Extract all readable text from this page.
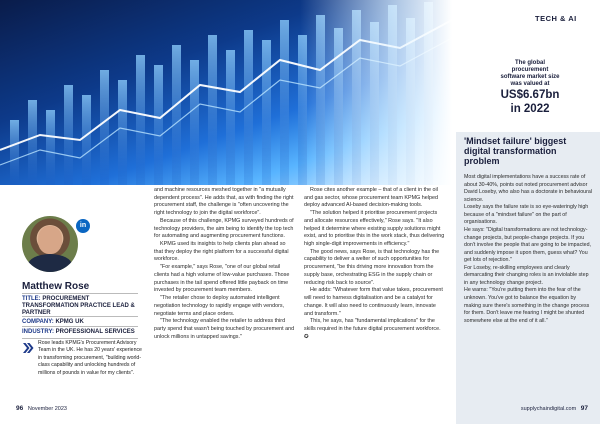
TECH & AI
The global
procurement
software market size
was valued at
US$6.67bn
in 2022
in
Matthew Rose
TITLE: PROCUREMENT TRANSFORMATION PRACTICE LEAD & PARTNER
COMPANY: KPMG UK
INDUSTRY: PROFESSIONAL SERVICES
Rose leads KPMG's Procurement Advisory Team in the UK. He has 20 years' experience in transforming procurement, "building world-class capability and unlocking hundreds of millions of pounds in value for my clients".

and machine resources meshed together in "a mutually dependent process". He adds that, as with finding the right procurement staff, the challenge is "often uncovering the right technology to join the digital workforce".

Because of this challenge, KPMG surveyed hundreds of technology providers, the aim being to identify the top tech for automating and augmenting procurement functions.

KPMG used its insights to help clients plan ahead so that they deploy the right platform for a successful digital workforce.

"For example," says Rose, "one of our global retail clients had a high volume of low-value purchases. Those purchases in the tail spend offered little payback on time invested by procurement team members.

"The retailer chose to deploy automated intelligent negotiation technology to rapidly engage with vendors, negotiate terms and place orders.

"The technology enabled the retailer to address third party spend that wasn't being touched by procurement and unlock millions in untapped savings."

Rose cites another example – that of a client in the oil and gas sector, whose procurement team KPMG helped deploy advanced AI-based decision-making tools.

"The solution helped it prioritise procurement projects and allocate resources effectively," Rose says. "It also helped it determine where existing supply solutions might exist, and to prioritise this in the work stack, thus delivering high single-digit improvements in efficiency."

The good news, says Rose, is that technology has the capability to deliver a welter of such opportunities for procurement, "be this driving more innovation from the supply base, orchestrating ESG in the supply chain or reducing risk back to source".

He adds: "Whatever form that value takes, procurement will need to harness digitalisation and be a catalyst for change. It will also need to continuously learn, innovate and transform."

This, he says, has "fundamental implications" for the skills required in the future digital procurement workforce. ✪

'Mindset failure' biggest digital transformation problem

Most digital implementations have a success rate of about 30-40%, points out noted procurement advisor David Loseby, who also has a doctorate in behavioural science.

Loseby says the failure rate is so eye-wateringly high because of a "mindset failure" on the part of organisations.

He says: "Digital transformations are not technology-change projects, but people-change projects. If you don't involve the people that are going to be impacted, and suddenly impose it upon them, guess what? You get lots of rejection."

For Loseby, re-skilling employees and clearly demarcating their changing roles is an inviolable step in any technology change project.

He warns: "You're putting them into the fear of the unknown. You've got to balance the equation by making sure there's something in the change process for them. Don't leave me fearing I might be shunted somewhere else at the end of it all."

96 November 2023	supplychaindigital.com 97
